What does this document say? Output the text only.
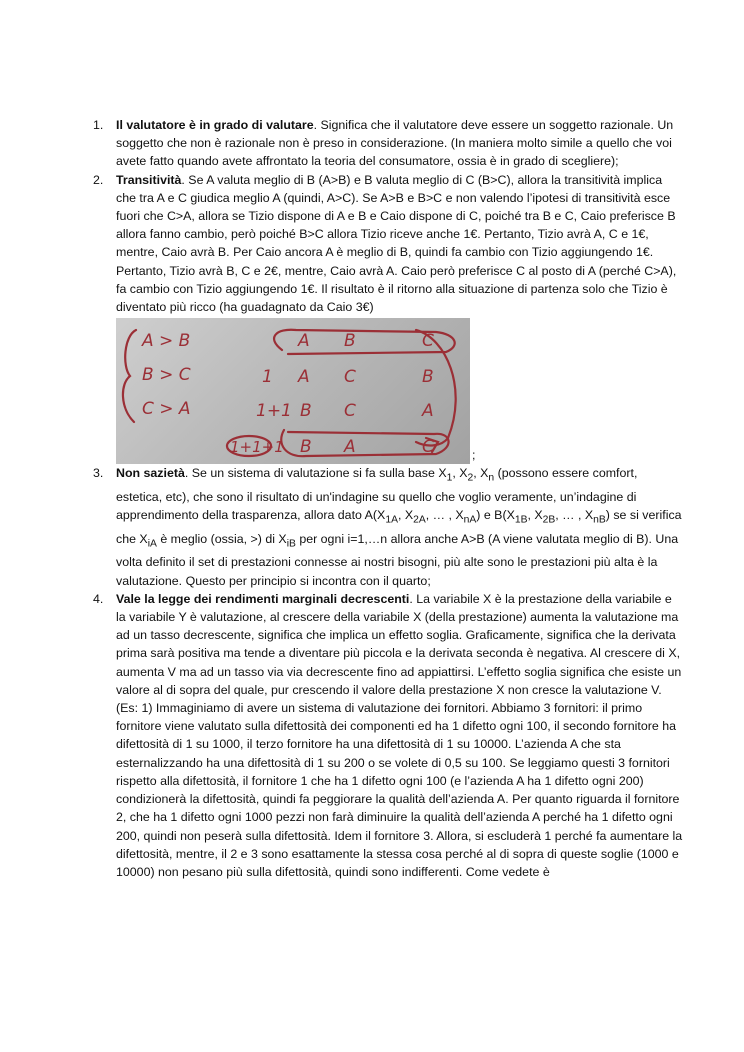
1. Il valutatore è in grado di valutare. Significa che il valutatore deve essere un soggetto razionale. Un soggetto che non è razionale non è preso in considerazione. (In maniera molto simile a quello che voi avete fatto quando avete affrontato la teoria del consumatore, ossia è in grado di scegliere);
2. Transitività. Se A valuta meglio di B (A>B) e B valuta meglio di C (B>C), allora la transitività implica che tra A e C giudica meglio A (quindi, A>C). Se A>B e B>C e non valendo l’ipotesi di transitività esce fuori che C>A, allora se Tizio dispone di A e B e Caio dispone di C, poiché tra B e C, Caio preferisce B allora fanno cambio, però poiché B>C allora Tizio riceve anche 1€. Pertanto, Tizio avrà A, C e 1€, mentre, Caio avrà B. Per Caio ancora A è meglio di B, quindi fa cambio con Tizio aggiungendo 1€. Pertanto, Tizio avrà B, C e 2€, mentre, Caio avrà A. Caio però preferisce C al posto di A (perché C>A), fa cambio con Tizio aggiungendo 1€. Il risultato è il ritorno alla situazione di partenza solo che Tizio è diventato più ricco (ha guadagnato da Caio 3€)

A > B	A B	C
B > C	1 A C	B
C > A	1+1 B C	A
1+1+1 B A	C	;
3. Non sazietà. Se un sistema di valutazione si fa sulla base $X_1$, $X_2$, $X_n$ (possono essere comfort, estetica, etc), che sono il risultato di un'indagine su quello che voglio veramente, un’indagine di apprendimento della trasparenza, allora dato $A(X_{1A}$, $X_{2A}$, … , $X_{nA}$) e $B(X_{1B}$, $X_{2B}$, … , $X_{nB}$) se si verifica che $X_{iA}$ è meglio (ossia, >) di $X_{iB}$ per ogni i=1,…n allora anche A>B (A viene valutata meglio di B). Una volta definito il set di prestazioni connesse ai nostri bisogni, più alte sono le prestazioni più alta è la valutazione. Questo per principio si incontra con il quarto;
4. Vale la legge dei rendimenti marginali decrescenti. La variabile X è la prestazione della variabile e la variabile Y è valutazione, al crescere della variabile X (della prestazione) aumenta la valutazione ma ad un tasso decrescente, significa che implica un effetto soglia. Graficamente, significa che la derivata prima sarà positiva ma tende a diventare più piccola e la derivata seconda è negativa. Al crescere di X, aumenta V ma ad un tasso via via decrescente fino ad appiattirsi. L’effetto soglia significa che esiste un valore al di sopra del quale, pur crescendo il valore della prestazione X non cresce la valutazione V. (Es: 1) Immaginiamo di avere un sistema di valutazione dei fornitori. Abbiamo 3 fornitori: il primo fornitore viene valutato sulla difettosità dei componenti ed ha 1 difetto ogni 100, il secondo fornitore ha difettosità di 1 su 1000, il terzo fornitore ha una difettosità di 1 su 10000. L’azienda A che sta esternalizzando ha una difettosità di 1 su 200 o se volete di 0,5 su 100. Se leggiamo questi 3 fornitori rispetto alla difettosità, il fornitore 1 che ha 1 difetto ogni 100 (e l’azienda A ha 1 difetto ogni 200) condizionerà la difettosità, quindi fa peggiorare la qualità dell’azienda A. Per quanto riguarda il fornitore 2, che ha 1 difetto ogni 1000 pezzi non farà diminuire la qualità dell’azienda A perché ha 1 difetto ogni 200, quindi non peserà sulla difettosità. Idem il fornitore 3. Allora, si escluderà 1 perché fa aumentare la difettosità, mentre, il 2 e 3 sono esattamente la stessa cosa perché al di sopra di queste soglie (1000 e 10000) non pesano più sulla difettosità, quindi sono indifferenti. Come vedete è
